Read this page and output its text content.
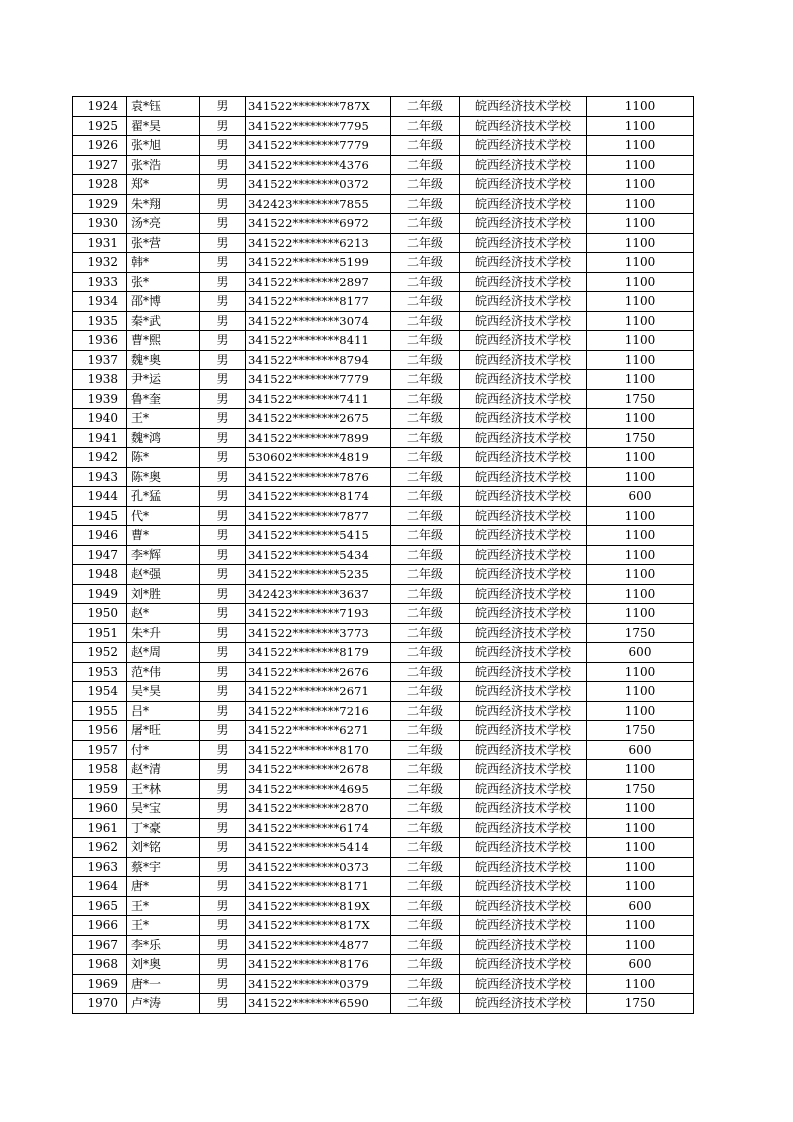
1924	袁*钰	男	341522********787X	二年级	皖西经济技术学校	1100
1925	翟*昊	男	341522********7795	二年级	皖西经济技术学校	1100
1926	张*旭	男	341522********7779	二年级	皖西经济技术学校	1100
1927	张*浩	男	341522********4376	二年级	皖西经济技术学校	1100
1928	郑*	男	341522********0372	二年级	皖西经济技术学校	1100
1929	朱*翔	男	342423********7855	二年级	皖西经济技术学校	1100
1930	汤*亮	男	341522********6972	二年级	皖西经济技术学校	1100
1931	张*营	男	341522********6213	二年级	皖西经济技术学校	1100
1932	韩*	男	341522********5199	二年级	皖西经济技术学校	1100
1933	张*	男	341522********2897	二年级	皖西经济技术学校	1100
1934	邵*博	男	341522********8177	二年级	皖西经济技术学校	1100
1935	秦*武	男	341522********3074	二年级	皖西经济技术学校	1100
1936	曹*熙	男	341522********8411	二年级	皖西经济技术学校	1100
1937	魏*奥	男	341522********8794	二年级	皖西经济技术学校	1100
1938	尹*运	男	341522********7779	二年级	皖西经济技术学校	1100
1939	鲁*奎	男	341522********7411	二年级	皖西经济技术学校	1750
1940	王*	男	341522********2675	二年级	皖西经济技术学校	1100
1941	魏*鸿	男	341522********7899	二年级	皖西经济技术学校	1750
1942	陈*	男	530602********4819	二年级	皖西经济技术学校	1100
1943	陈*奥	男	341522********7876	二年级	皖西经济技术学校	1100
1944	孔*猛	男	341522********8174	二年级	皖西经济技术学校	600
1945	代*	男	341522********7877	二年级	皖西经济技术学校	1100
1946	曹*	男	341522********5415	二年级	皖西经济技术学校	1100
1947	李*辉	男	341522********5434	二年级	皖西经济技术学校	1100
1948	赵*强	男	341522********5235	二年级	皖西经济技术学校	1100
1949	刘*胜	男	342423********3637	二年级	皖西经济技术学校	1100
1950	赵*	男	341522********7193	二年级	皖西经济技术学校	1100
1951	朱*升	男	341522********3773	二年级	皖西经济技术学校	1750
1952	赵*周	男	341522********8179	二年级	皖西经济技术学校	600
1953	范*伟	男	341522********2676	二年级	皖西经济技术学校	1100
1954	吴*昊	男	341522********2671	二年级	皖西经济技术学校	1100
1955	吕*	男	341522********7216	二年级	皖西经济技术学校	1100
1956	屠*旺	男	341522********6271	二年级	皖西经济技术学校	1750
1957	付*	男	341522********8170	二年级	皖西经济技术学校	600
1958	赵*清	男	341522********2678	二年级	皖西经济技术学校	1100
1959	王*林	男	341522********4695	二年级	皖西经济技术学校	1750
1960	吴*宝	男	341522********2870	二年级	皖西经济技术学校	1100
1961	丁*豪	男	341522********6174	二年级	皖西经济技术学校	1100
1962	刘*铭	男	341522********5414	二年级	皖西经济技术学校	1100
1963	蔡*宇	男	341522********0373	二年级	皖西经济技术学校	1100
1964	唐*	男	341522********8171	二年级	皖西经济技术学校	1100
1965	王*	男	341522********819X	二年级	皖西经济技术学校	600
1966	王*	男	341522********817X	二年级	皖西经济技术学校	1100
1967	李*乐	男	341522********4877	二年级	皖西经济技术学校	1100
1968	刘*奥	男	341522********8176	二年级	皖西经济技术学校	600
1969	唐*一	男	341522********0379	二年级	皖西经济技术学校	1100
1970	卢*涛	男	341522********6590	二年级	皖西经济技术学校	1750
